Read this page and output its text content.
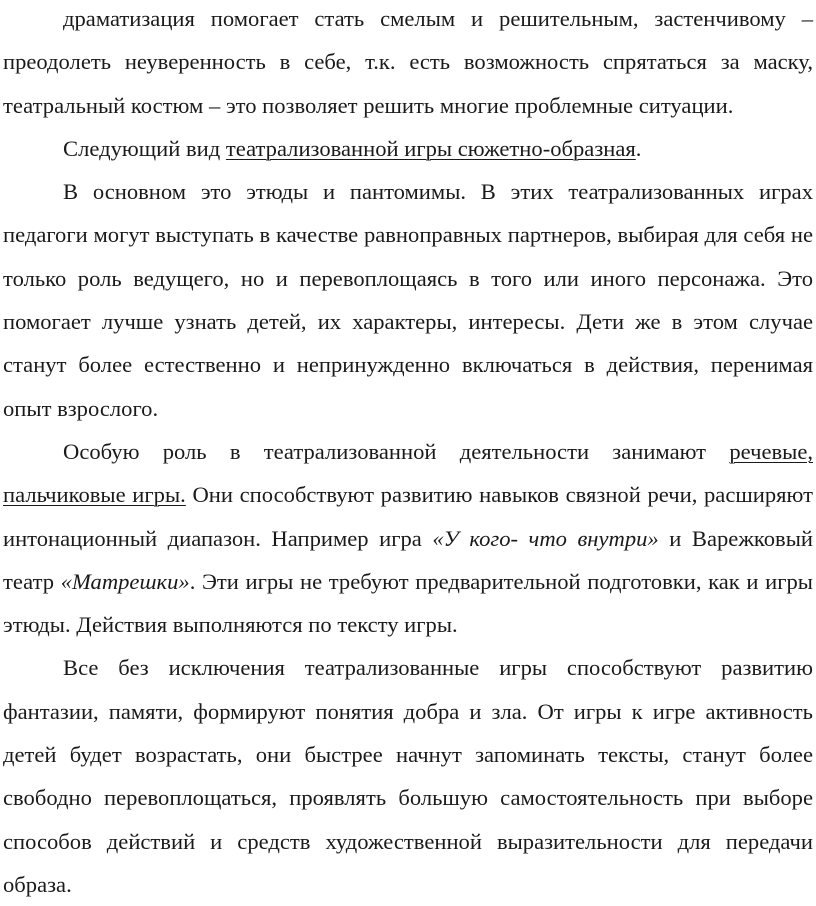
драматизация помогает стать смелым и решительным, застенчивому – преодолеть неуверенность в себе, т.к. есть возможность спрятаться за маску, театральный костюм – это позволяет решить многие проблемные ситуации.

Следующий вид театрализованной игры сюжетно-образная.

В основном это этюды и пантомимы. В этих театрализованных играх педагоги могут выступать в качестве равноправных партнеров, выбирая для себя не только роль ведущего, но и перевоплощаясь в того или иного персонажа. Это помогает лучше узнать детей, их характеры, интересы. Дети же в этом случае станут более естественно и непринужденно включаться в действия, перенимая опыт взрослого.

Особую роль в театрализованной деятельности занимают речевые, пальчиковые игры. Они способствуют развитию навыков связной речи, расширяют интонационный диапазон. Например игра «У кого- что внутри» и Варежковый театр «Матрешки». Эти игры не требуют предварительной подготовки, как и игры этюды. Действия выполняются по тексту игры.

Все без исключения театрализованные игры способствуют развитию фантазии, памяти, формируют понятия добра и зла. От игры к игре активность детей будет возрастать, они быстрее начнут запоминать тексты, станут более свободно перевоплощаться, проявлять большую самостоятельность при выборе способов действий и средств художественной выразительности для передачи образа.
